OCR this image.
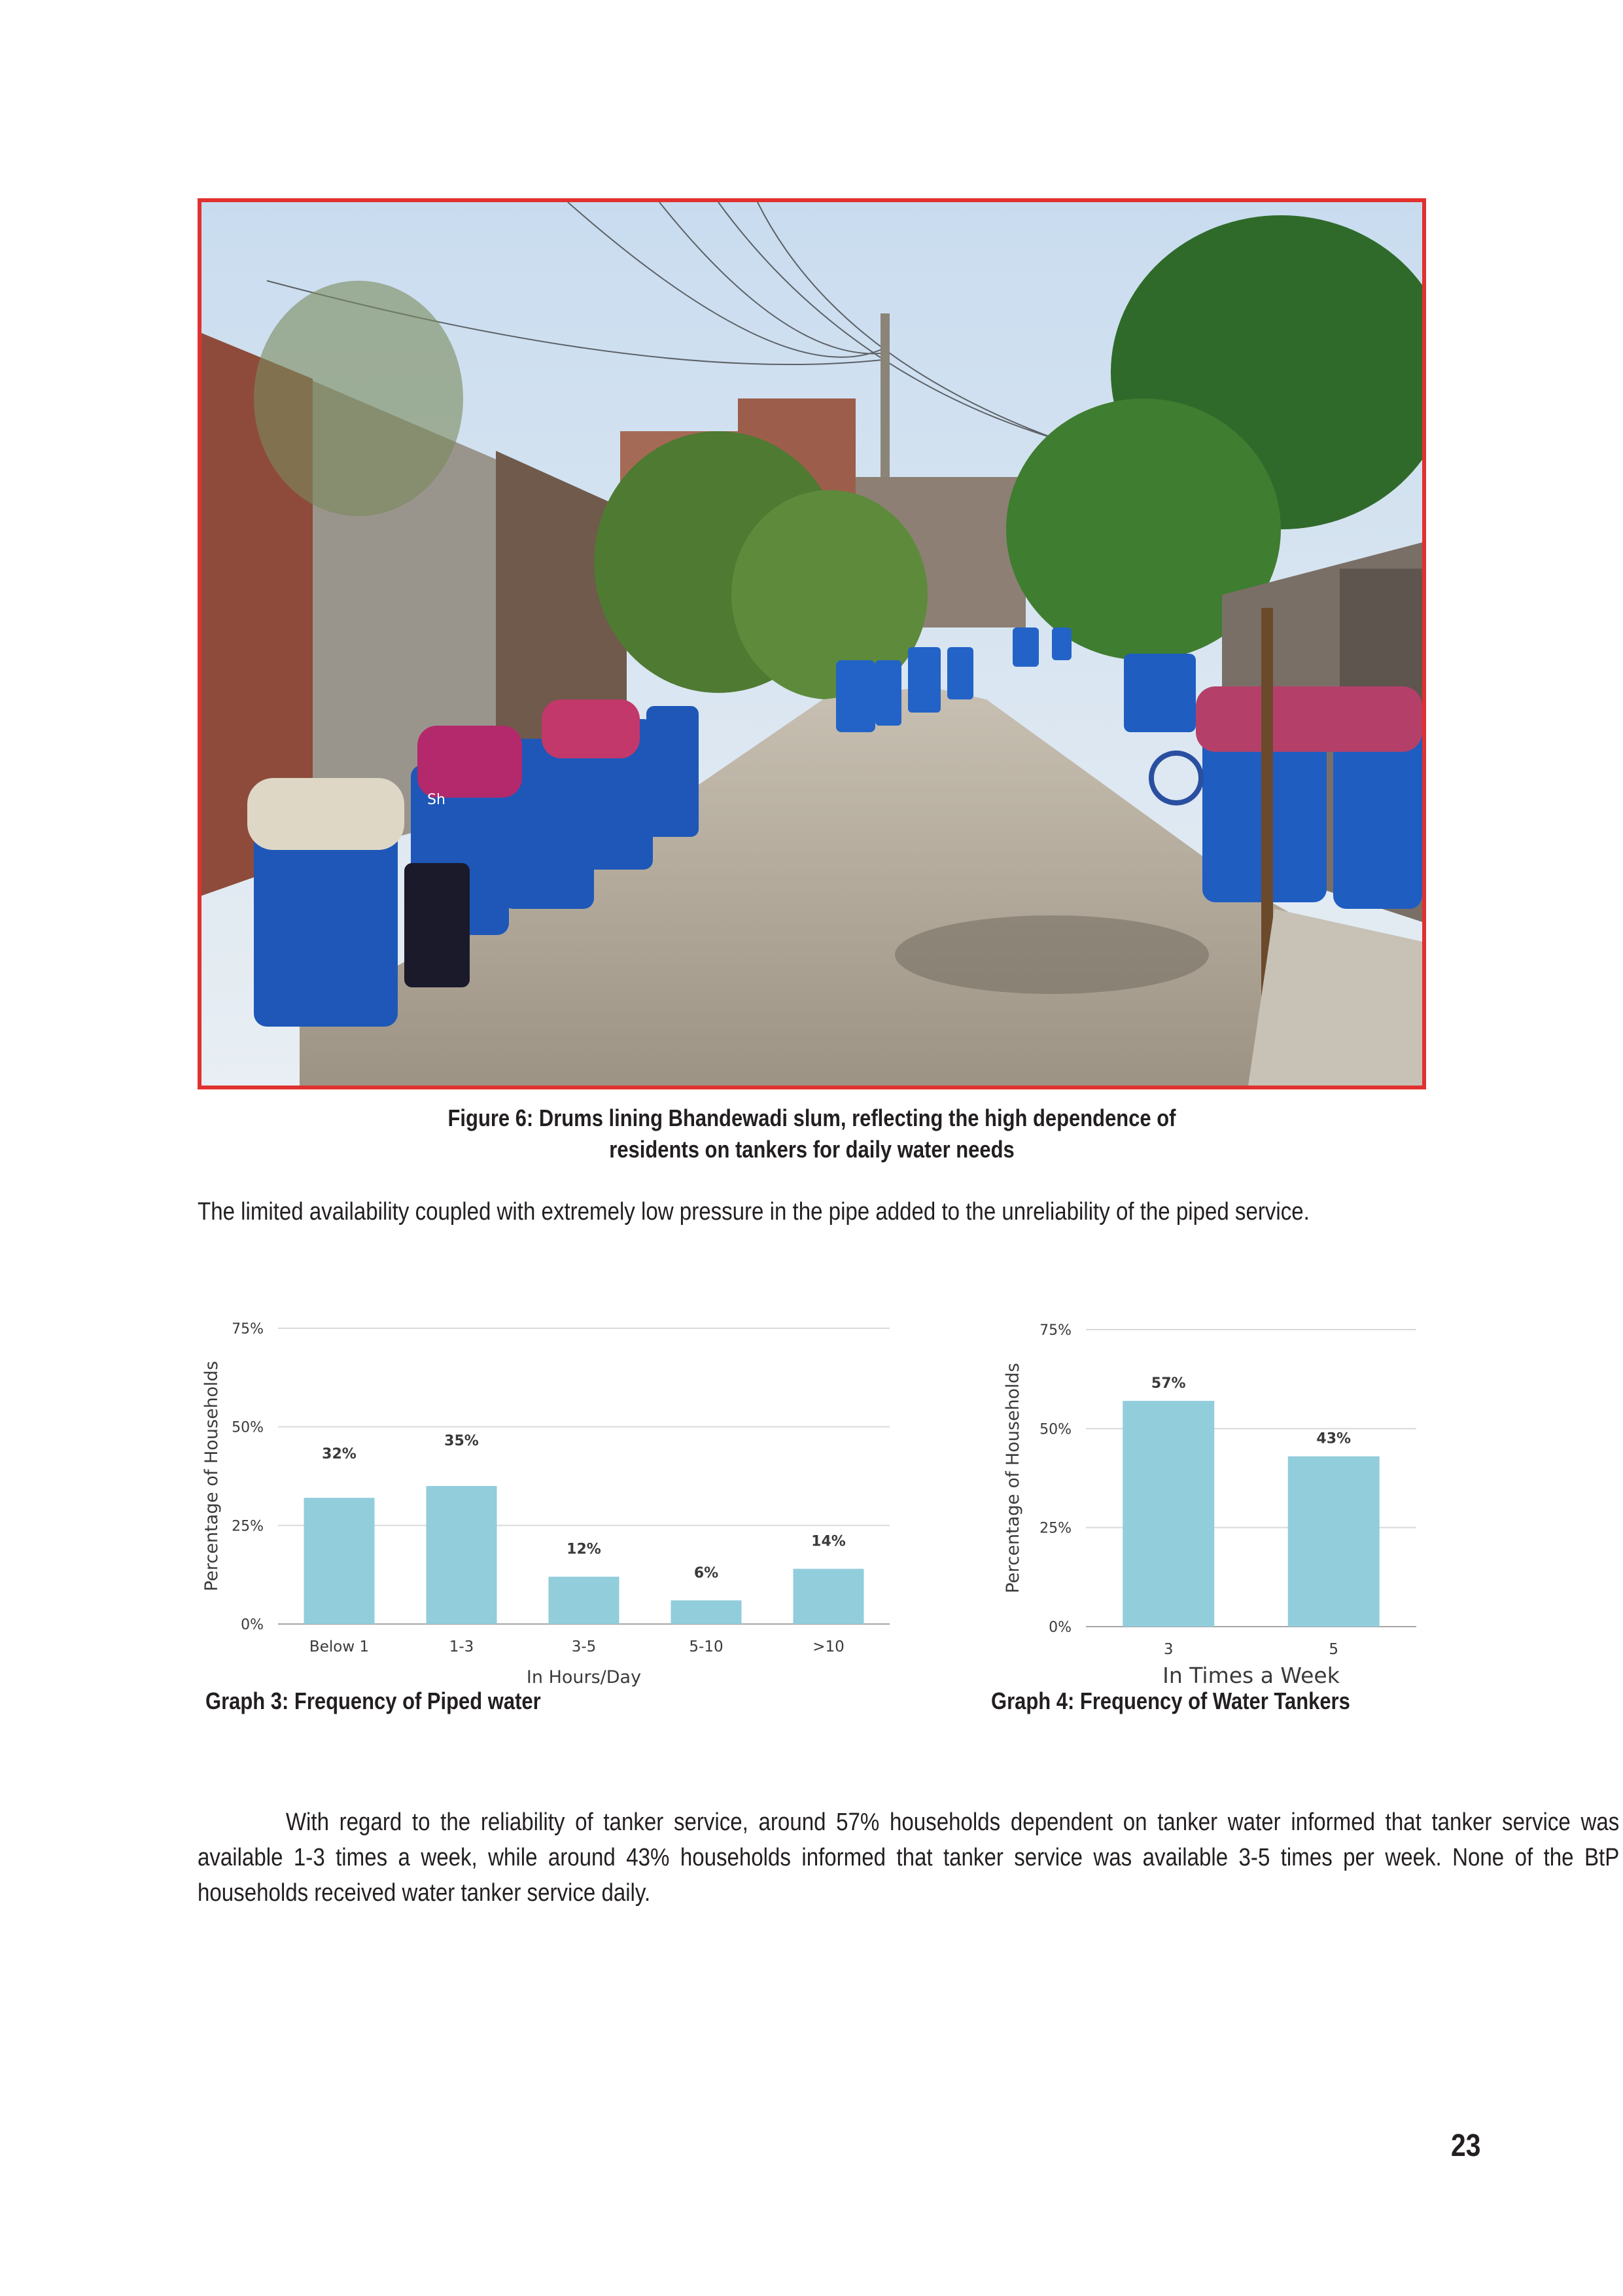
Sh
Figure 6: Drums lining Bhandewadi slum, reflecting the high dependence of
residents on tankers for daily water needs
The limited availability coupled with extremely low pressure in the pipe added to the unreliability of the piped service.
0%
25%
50%
75%
Below 1
32%
1-3
35%
3-5
12%
5-10
6%
>10
14%
In Hours/Day
Percentage of Households
Graph 3: Frequency of Piped water
0%
25%
50%
75%
3
57%
5
43%
In Times a Week
Percentage of Households
Graph 4: Frequency of Water Tankers
With regard to the reliability of tanker service, around 57% households dependent on tanker water informed that tanker service was available 1-3 times a week, while around 43% households informed that tanker service was available 3-5 times per week. None of the BtP households received water tanker service daily.
23
